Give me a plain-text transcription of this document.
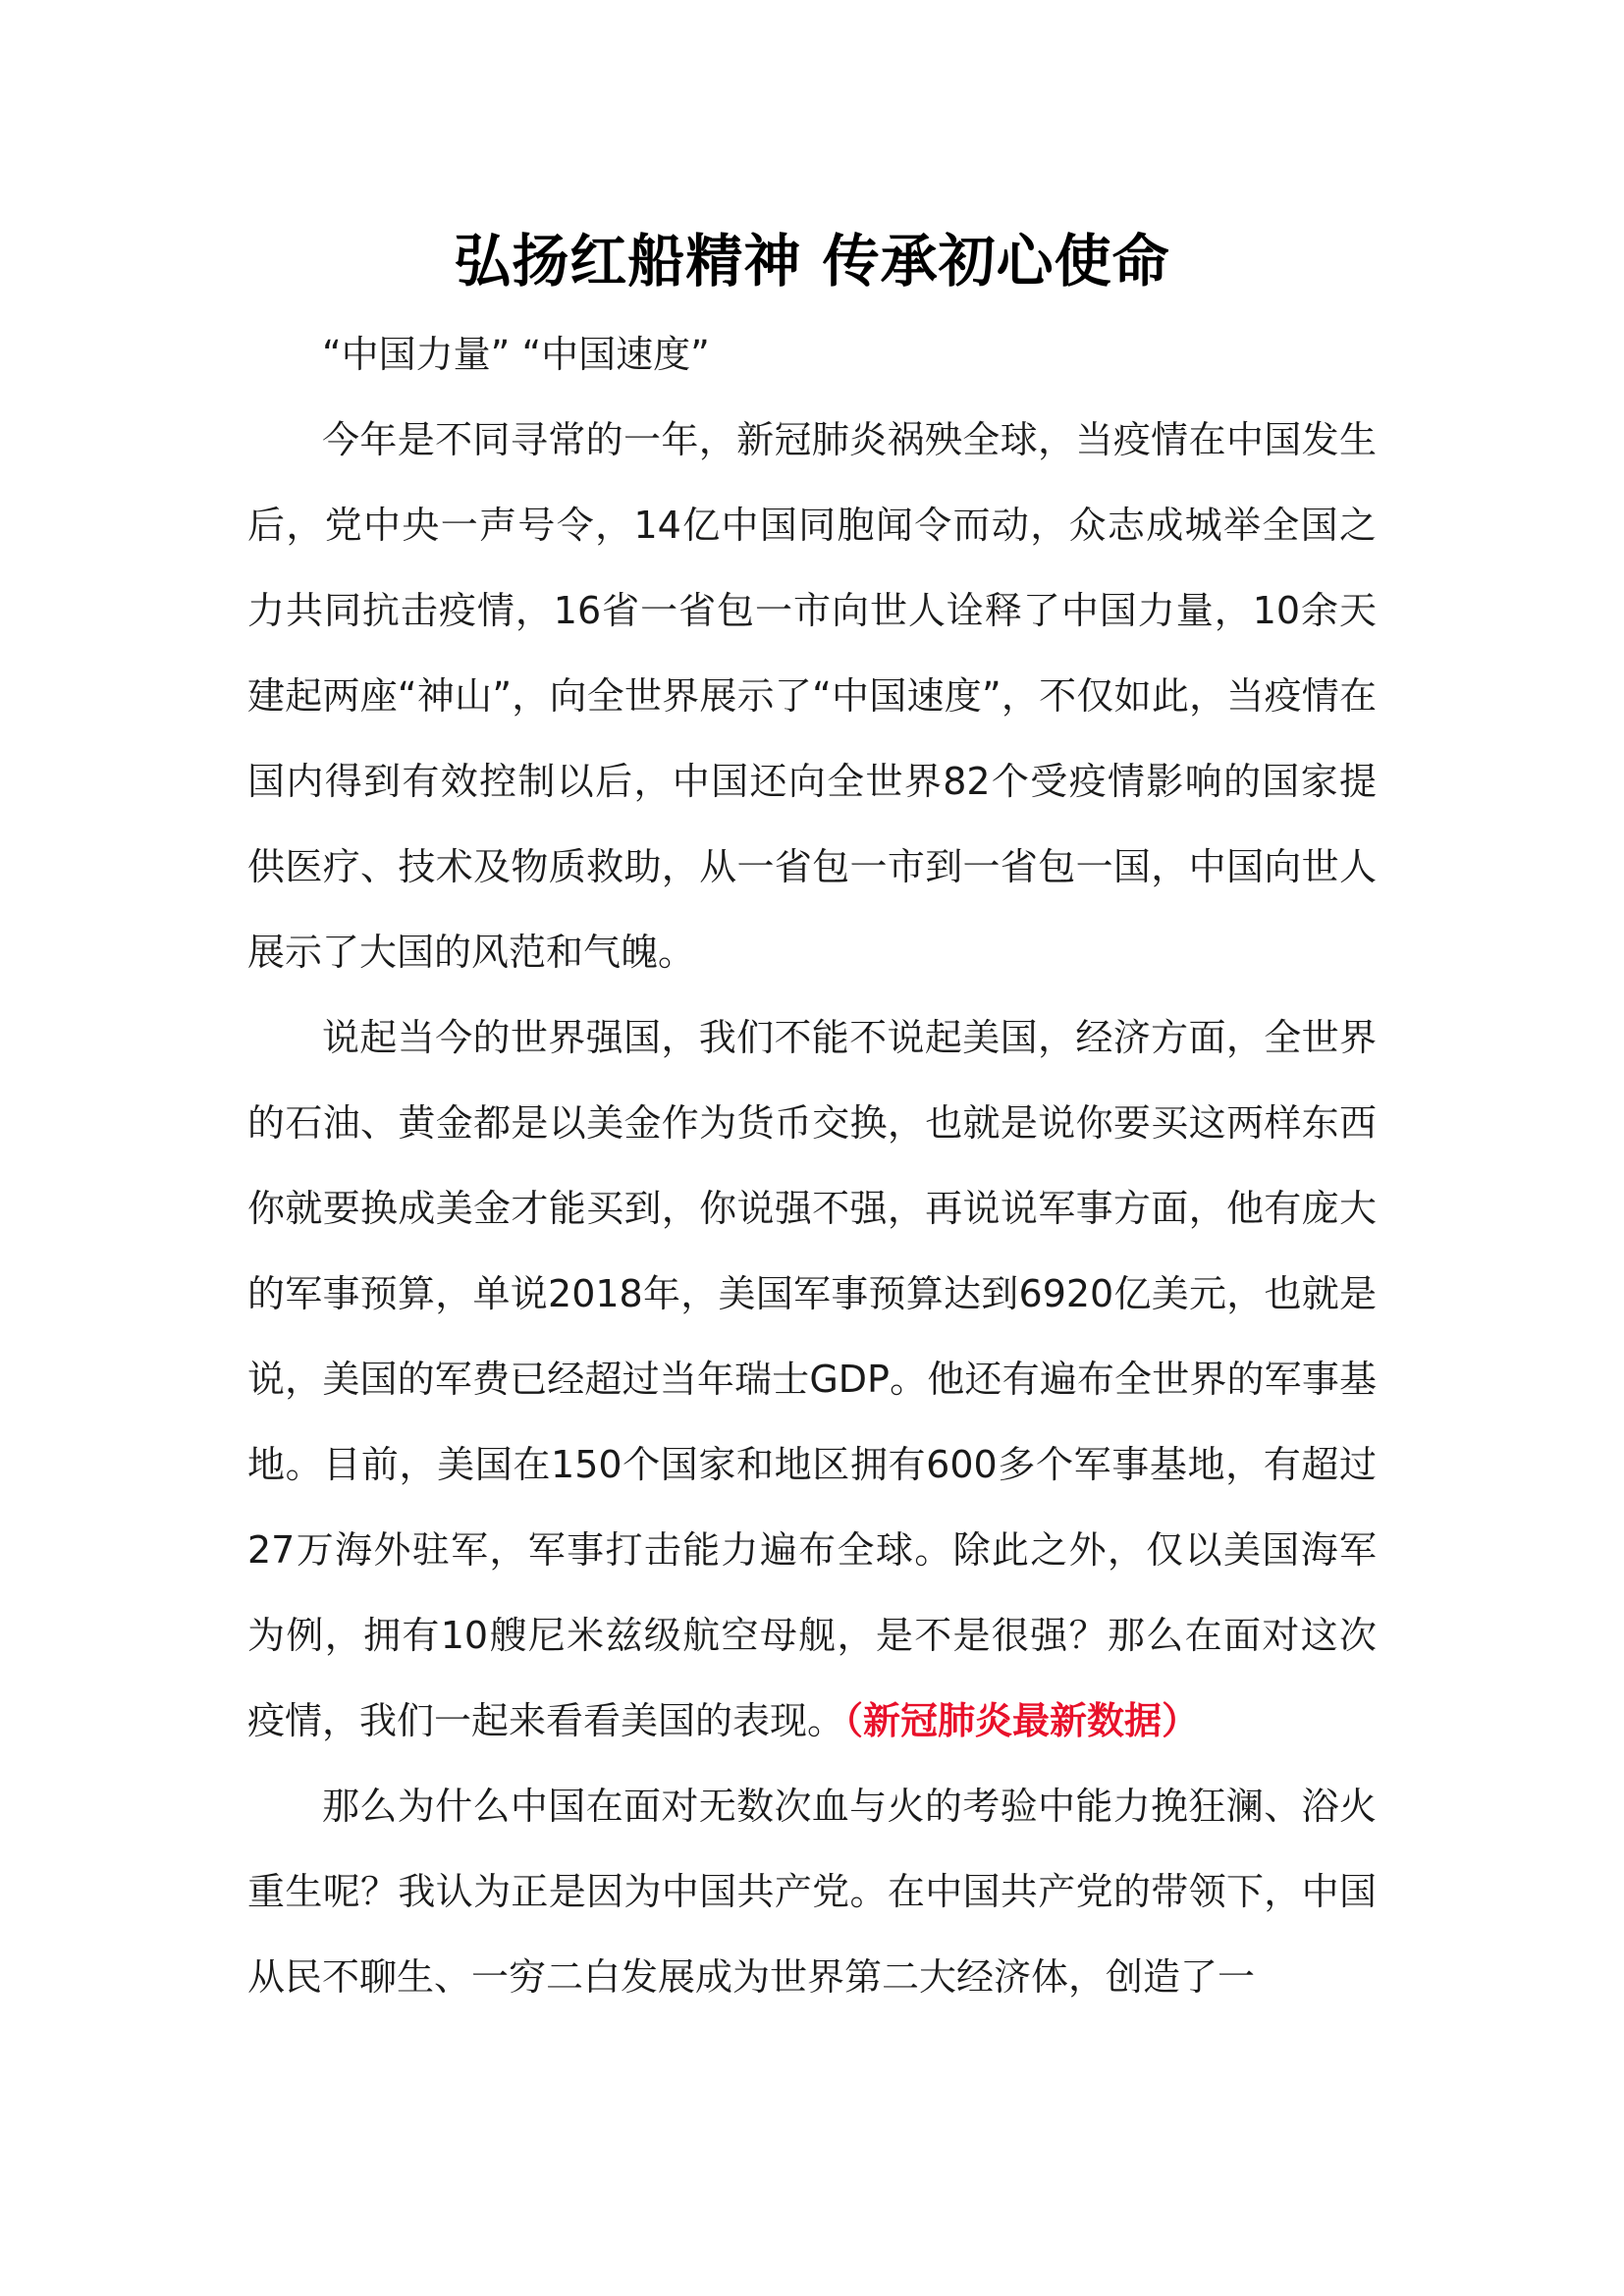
弘扬红船精神 传承初心使命

“中国力量” “中国速度”

今年是不同寻常的一年，新冠肺炎祸殃全球，当疫情在中国发生后，党中央一声号令，14亿中国同胞闻令而动，众志成城举全国之力共同抗击疫情，16省一省包一市向世人诠释了中国力量，10余天建起两座“神山”，向全世界展示了“中国速度”，不仅如此，当疫情在国内得到有效控制以后，中国还向全世界82个受疫情影响的国家提供医疗、技术及物质救助，从一省包一市到一省包一国，中国向世人展示了大国的风范和气魄。

说起当今的世界强国，我们不能不说起美国，经济方面，全世界的石油、黄金都是以美金作为货币交换，也就是说你要买这两样东西你就要换成美金才能买到，你说强不强，再说说军事方面，他有庞大的军事预算，单说2018年，美国军事预算达到6920亿美元，也就是说，美国的军费已经超过当年瑞士GDP。他还有遍布全世界的军事基地。目前，美国在150个国家和地区拥有600多个军事基地，有超过27万海外驻军，军事打击能力遍布全球。除此之外，仅以美国海军为例，拥有10艘尼米兹级航空母舰，是不是很强？那么在面对这次疫情，我们一起来看看美国的表现。（新冠肺炎最新数据）

那么为什么中国在面对无数次血与火的考验中能力挽狂澜、浴火重生呢？我认为正是因为中国共产党。在中国共产党的带领下，中国从民不聊生、一穷二白发展成为世界第二大经济体，创造了一
